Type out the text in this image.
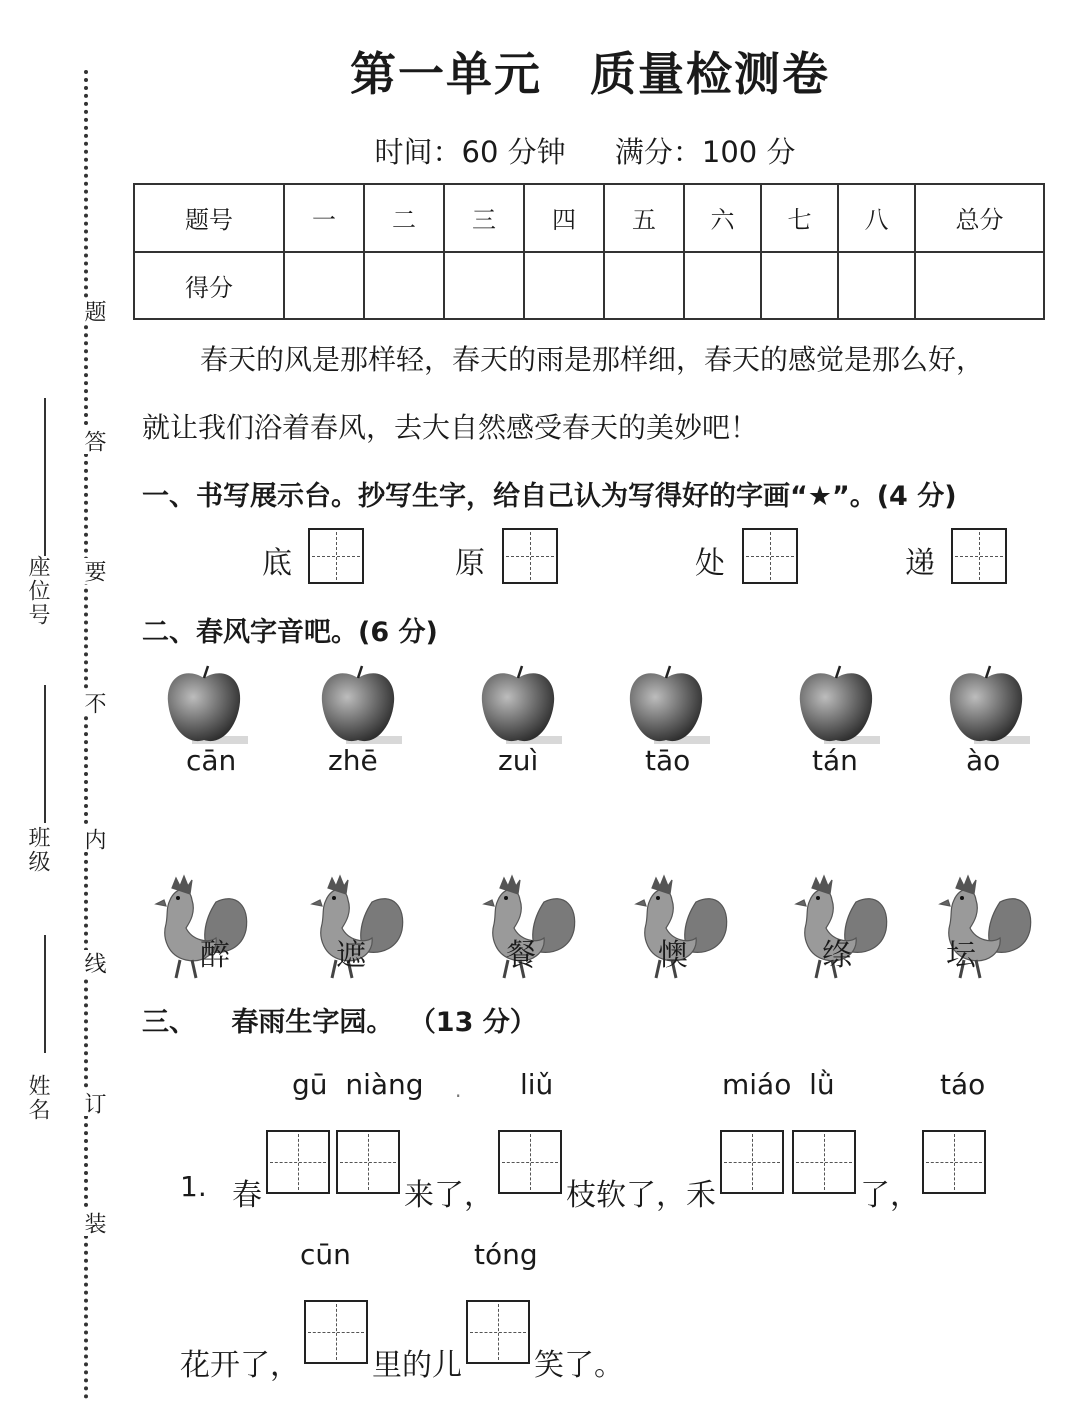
座位号
班级
姓名
题
答
要
不
内
线
订
装
第一单元　质量检测卷
时间：60 分钟 满分：100 分
题号	一	二	三	四	五	六	七	八	总分
得分									
春天的风是那样轻，春天的雨是那样细，春天的感觉是那么好，
就让我们浴着春风，去大自然感受春天的美妙吧！
一、书写展示台。抄写生字，给自己认为写得好的字画“★”。(4 分)
底	原	处	递
二、春风字音吧。(6 分)
cān	zhē	zuì	tāo	tán	ào
醉	遮	餐	懊	绦	坛
三、 春雨生字园。 （13 分）
gū  niàng . liǔ	miáo  lǜ	táo
1. 春	来了， 枝软了，禾	了，
cūn	tóng
花开了， 里的儿 笑了。
